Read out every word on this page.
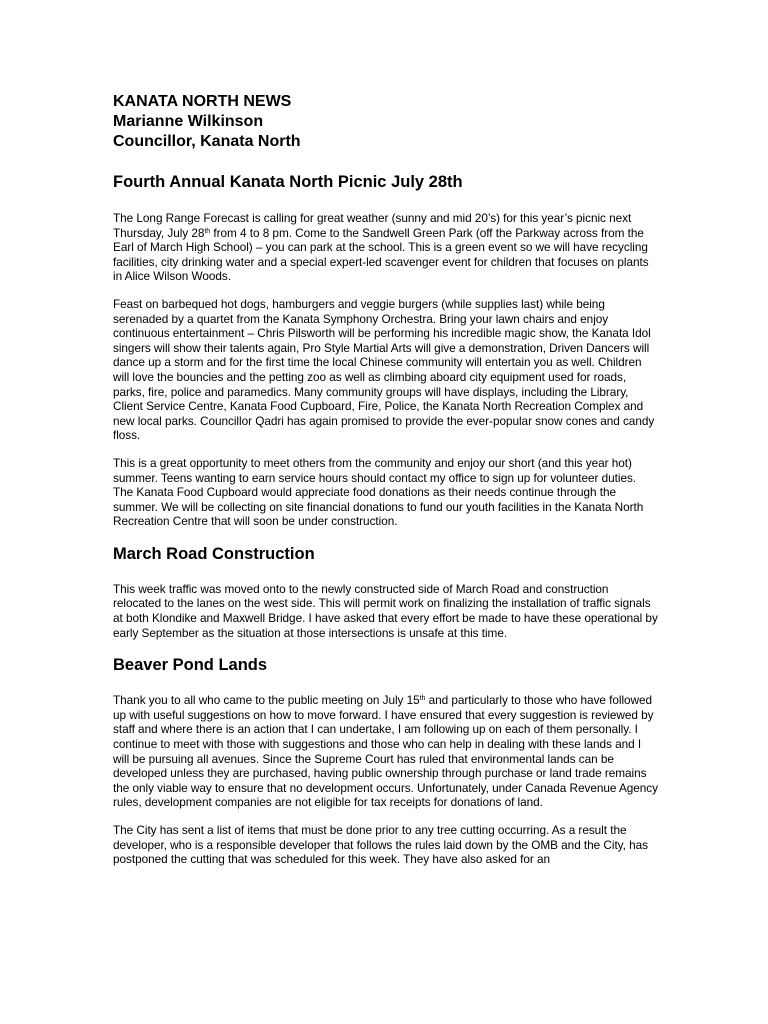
KANATA NORTH NEWS
Marianne Wilkinson
Councillor, Kanata North
Fourth Annual Kanata North Picnic July 28th

The Long Range Forecast is calling for great weather (sunny and mid 20’s) for this year’s picnic next Thursday, July 28th from 4 to 8 pm. Come to the Sandwell Green Park (off the Parkway across from the Earl of March High School) – you can park at the school. This is a green event so we will have recycling facilities, city drinking water and a special expert-led scavenger event for children that focuses on plants in Alice Wilson Woods.

Feast on barbequed hot dogs, hamburgers and veggie burgers (while supplies last) while being serenaded by a quartet from the Kanata Symphony Orchestra. Bring your lawn chairs and enjoy continuous entertainment – Chris Pilsworth will be performing his incredible magic show, the Kanata Idol singers will show their talents again, Pro Style Martial Arts will give a demonstration, Driven Dancers will dance up a storm and for the first time the local Chinese community will entertain you as well. Children will love the bouncies and the petting zoo as well as climbing aboard city equipment used for roads, parks, fire, police and paramedics. Many community groups will have displays, including the Library, Client Service Centre, Kanata Food Cupboard, Fire, Police, the Kanata North Recreation Complex and new local parks. Councillor Qadri has again promised to provide the ever-popular snow cones and candy floss.

This is a great opportunity to meet others from the community and enjoy our short (and this year hot) summer. Teens wanting to earn service hours should contact my office to sign up for volunteer duties. The Kanata Food Cupboard would appreciate food donations as their needs continue through the summer. We will be collecting on site financial donations to fund our youth facilities in the Kanata North Recreation Centre that will soon be under construction.

March Road Construction

This week traffic was moved onto to the newly constructed side of March Road and construction relocated to the lanes on the west side. This will permit work on finalizing the installation of traffic signals at both Klondike and Maxwell Bridge. I have asked that every effort be made to have these operational by early September as the situation at those intersections is unsafe at this time.

Beaver Pond Lands

Thank you to all who came to the public meeting on July 15th and particularly to those who have followed up with useful suggestions on how to move forward. I have ensured that every suggestion is reviewed by staff and where there is an action that I can undertake, I am following up on each of them personally. I continue to meet with those with suggestions and those who can help in dealing with these lands and I will be pursuing all avenues. Since the Supreme Court has ruled that environmental lands can be developed unless they are purchased, having public ownership through purchase or land trade remains the only viable way to ensure that no development occurs. Unfortunately, under Canada Revenue Agency rules, development companies are not eligible for tax receipts for donations of land.

The City has sent a list of items that must be done prior to any tree cutting occurring. As a result the developer, who is a responsible developer that follows the rules laid down by the OMB and the City, has postponed the cutting that was scheduled for this week. They have also asked for an
